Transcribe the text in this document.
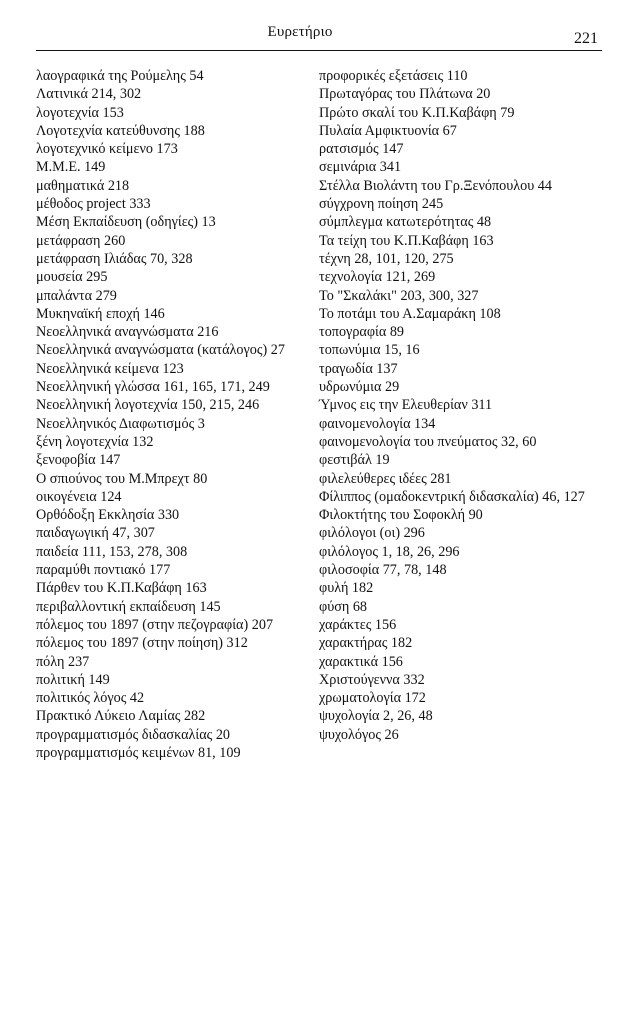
Ευρετήριο	221
λαογραφικά της Ρούμελης 54
Λατινικά 214, 302
λογοτεχνία 153
Λογοτεχνία κατεύθυνσης 188
λογοτεχνικό κείμενο 173
Μ.Μ.Ε. 149
μαθηματικά 218
μέθοδος project 333
Μέση Εκπαίδευση (οδηγίες) 13
μετάφραση 260
μετάφραση Ιλιάδας 70, 328
μουσεία 295
μπαλάντα 279
Μυκηναϊκή εποχή 146
Νεοελληνικά αναγνώσματα 216
Νεοελληνικά αναγνώσματα (κατάλογος) 27
Νεοελληνικά κείμενα 123
Νεοελληνική γλώσσα 161, 165, 171, 249
Νεοελληνική λογοτεχνία 150, 215, 246
Νεοελληνικός Διαφωτισμός 3
ξένη λογοτεχνία 132
ξενοφοβία 147
Ο σπιούνος του Μ.Μπρεχτ 80
οικογένεια 124
Ορθόδοξη Εκκλησία 330
παιδαγωγική 47, 307
παιδεία 111, 153, 278, 308
παραμύθι ποντιακό 177
Πάρθεν του Κ.Π.Καβάφη 163
περιβαλλοντική εκπαίδευση 145
πόλεμος του 1897 (στην πεζογραφία) 207
πόλεμος του 1897 (στην ποίηση) 312
πόλη 237
πολιτική 149
πολιτικός λόγος 42
Πρακτικό Λύκειο Λαμίας 282
προγραμματισμός διδασκαλίας 20
προγραμματισμός κειμένων 81, 109
προφορικές εξετάσεις 110
Πρωταγόρας του Πλάτωνα 20
Πρώτο σκαλί του Κ.Π.Καβάφη 79
Πυλαία Αμφικτυονία 67
ρατσισμός 147
σεμινάρια 341
Στέλλα Βιολάντη του Γρ.Ξενόπουλου 44
σύγχρονη ποίηση 245
σύμπλεγμα κατωτερότητας 48
Τα τείχη του Κ.Π.Καβάφη 163
τέχνη 28, 101, 120, 275
τεχνολογία 121, 269
Το "Σκαλάκι" 203, 300, 327
Το ποτάμι του Α.Σαμαράκη 108
τοπογραφία 89
τοπωνύμια 15, 16
τραγωδία 137
υδρωνύμια 29
Ύμνος εις την Ελευθερίαν 311
φαινομενολογία 134
φαινομενολογία του πνεύματος 32, 60
φεστιβάλ 19
φιλελεύθερες ιδέες 281
Φίλιππος (ομαδοκεντρική διδασκαλία) 46, 127
Φιλοκτήτης του Σοφοκλή 90
φιλόλογοι (οι) 296
φιλόλογος 1, 18, 26, 296
φιλοσοφία 77, 78, 148
φυλή 182
φύση 68
χαράκτες 156
χαρακτήρας 182
χαρακτικά 156
Χριστούγεννα 332
χρωματολογία 172
ψυχολογία 2, 26, 48
ψυχολόγος 26
